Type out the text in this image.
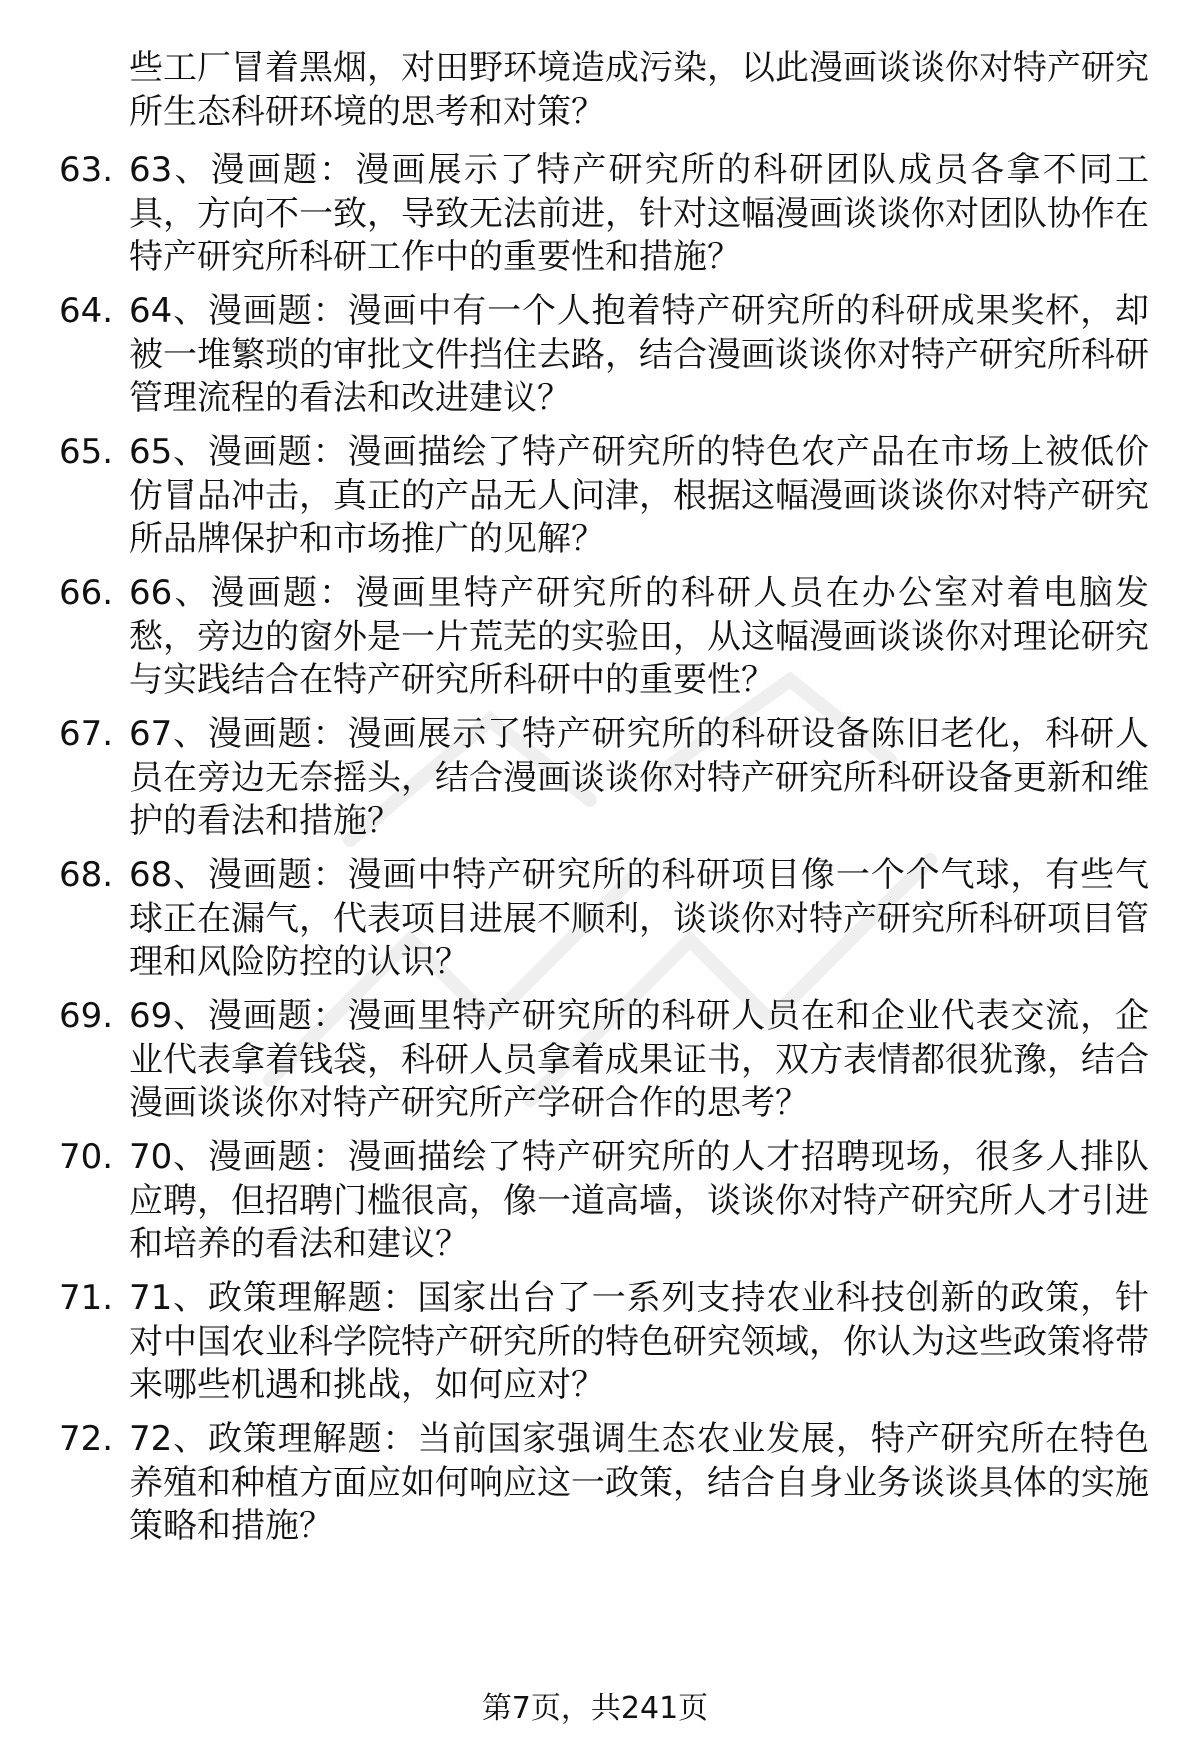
些工厂冒着黑烟，对田野环境造成污染，以此漫画谈谈你对特产研究所生态科研环境的思考和对策？
63. 63、漫画题：漫画展示了特产研究所的科研团队成员各拿不同工具，方向不一致，导致无法前进，针对这幅漫画谈谈你对团队协作在特产研究所科研工作中的重要性和措施？
64. 64、漫画题：漫画中有一个人抱着特产研究所的科研成果奖杯，却被一堆繁琐的审批文件挡住去路，结合漫画谈谈你对特产研究所科研管理流程的看法和改进建议？
65. 65、漫画题：漫画描绘了特产研究所的特色农产品在市场上被低价仿冒品冲击，真正的产品无人问津，根据这幅漫画谈谈你对特产研究所品牌保护和市场推广的见解？
66. 66、漫画题：漫画里特产研究所的科研人员在办公室对着电脑发愁，旁边的窗外是一片荒芜的实验田，从这幅漫画谈谈你对理论研究与实践结合在特产研究所科研中的重要性？
67. 67、漫画题：漫画展示了特产研究所的科研设备陈旧老化，科研人员在旁边无奈摇头，结合漫画谈谈你对特产研究所科研设备更新和维护的看法和措施？
68. 68、漫画题：漫画中特产研究所的科研项目像一个个气球，有些气球正在漏气，代表项目进展不顺利，谈谈你对特产研究所科研项目管理和风险防控的认识？
69. 69、漫画题：漫画里特产研究所的科研人员在和企业代表交流，企业代表拿着钱袋，科研人员拿着成果证书，双方表情都很犹豫，结合漫画谈谈你对特产研究所产学研合作的思考？
70. 70、漫画题：漫画描绘了特产研究所的人才招聘现场，很多人排队应聘，但招聘门槛很高，像一道高墙，谈谈你对特产研究所人才引进和培养的看法和建议？
71. 71、政策理解题：国家出台了一系列支持农业科技创新的政策，针对中国农业科学院特产研究所的特色研究领域，你认为这些政策将带来哪些机遇和挑战，如何应对？
72. 72、政策理解题：当前国家强调生态农业发展，特产研究所在特色养殖和种植方面应如何响应这一政策，结合自身业务谈谈具体的实施策略和措施？
第7页，共241页
